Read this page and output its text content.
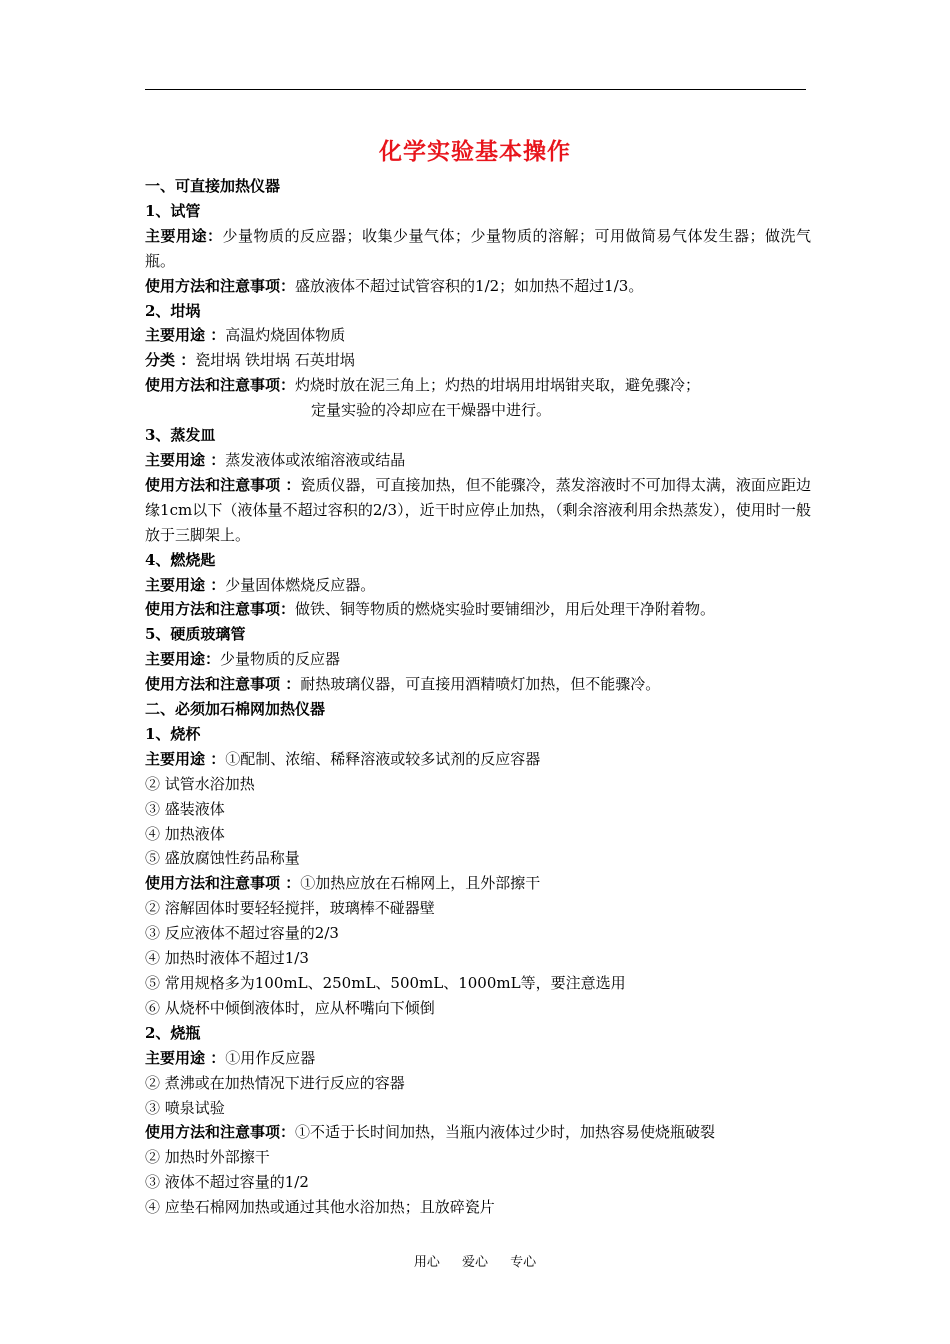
化学实验基本操作
一、可直接加热仪器
1、试管
主要用途：少量物质的反应器；收集少量气体；少量物质的溶解；可用做简易气体发生器；做洗气瓶。
使用方法和注意事项：盛放液体不超过试管容积的1/2；如加热不超过1/3。
2、坩埚
主要用途 ：高温灼烧固体物质
分类 ：瓷坩埚 铁坩埚 石英坩埚
使用方法和注意事项：灼烧时放在泥三角上；灼热的坩埚用坩埚钳夹取，避免骤冷；
定量实验的冷却应在干燥器中进行。
3、蒸发皿
主要用途 ：蒸发液体或浓缩溶液或结晶
使用方法和注意事项 ：瓷质仪器，可直接加热，但不能骤冷，蒸发溶液时不可加得太满，液面应距边缘1cm以下（液体量不超过容积的2/3），近干时应停止加热，（剩余溶液利用余热蒸发），使用时一般放于三脚架上。
4、燃烧匙
主要用途 ：少量固体燃烧反应器。
使用方法和注意事项：做铁、铜等物质的燃烧实验时要铺细沙，用后处理干净附着物。
5、硬质玻璃管
主要用途：少量物质的反应器
使用方法和注意事项 ：耐热玻璃仪器，可直接用酒精喷灯加热，但不能骤冷。
二、必须加石棉网加热仪器
1、烧杯
主要用途 ：①配制、浓缩、稀释溶液或较多试剂的反应容器
② 试管水浴加热
③ 盛装液体
④ 加热液体
⑤ 盛放腐蚀性药品称量
使用方法和注意事项 ：①加热应放在石棉网上，且外部擦干
② 溶解固体时要轻轻搅拌，玻璃棒不碰器壁
③ 反应液体不超过容量的2/3
④ 加热时液体不超过1/3
⑤ 常用规格多为100mL、250mL、500mL、1000mL等，要注意选用
⑥ 从烧杯中倾倒液体时，应从杯嘴向下倾倒
2、烧瓶
主要用途 ：①用作反应器
② 煮沸或在加热情况下进行反应的容器
③ 喷泉试验
使用方法和注意事项：①不适于长时间加热，当瓶内液体过少时，加热容易使烧瓶破裂
② 加热时外部擦干
③ 液体不超过容量的1/2
④ 应垫石棉网加热或通过其他水浴加热；且放碎瓷片
用心 爱心 专心
